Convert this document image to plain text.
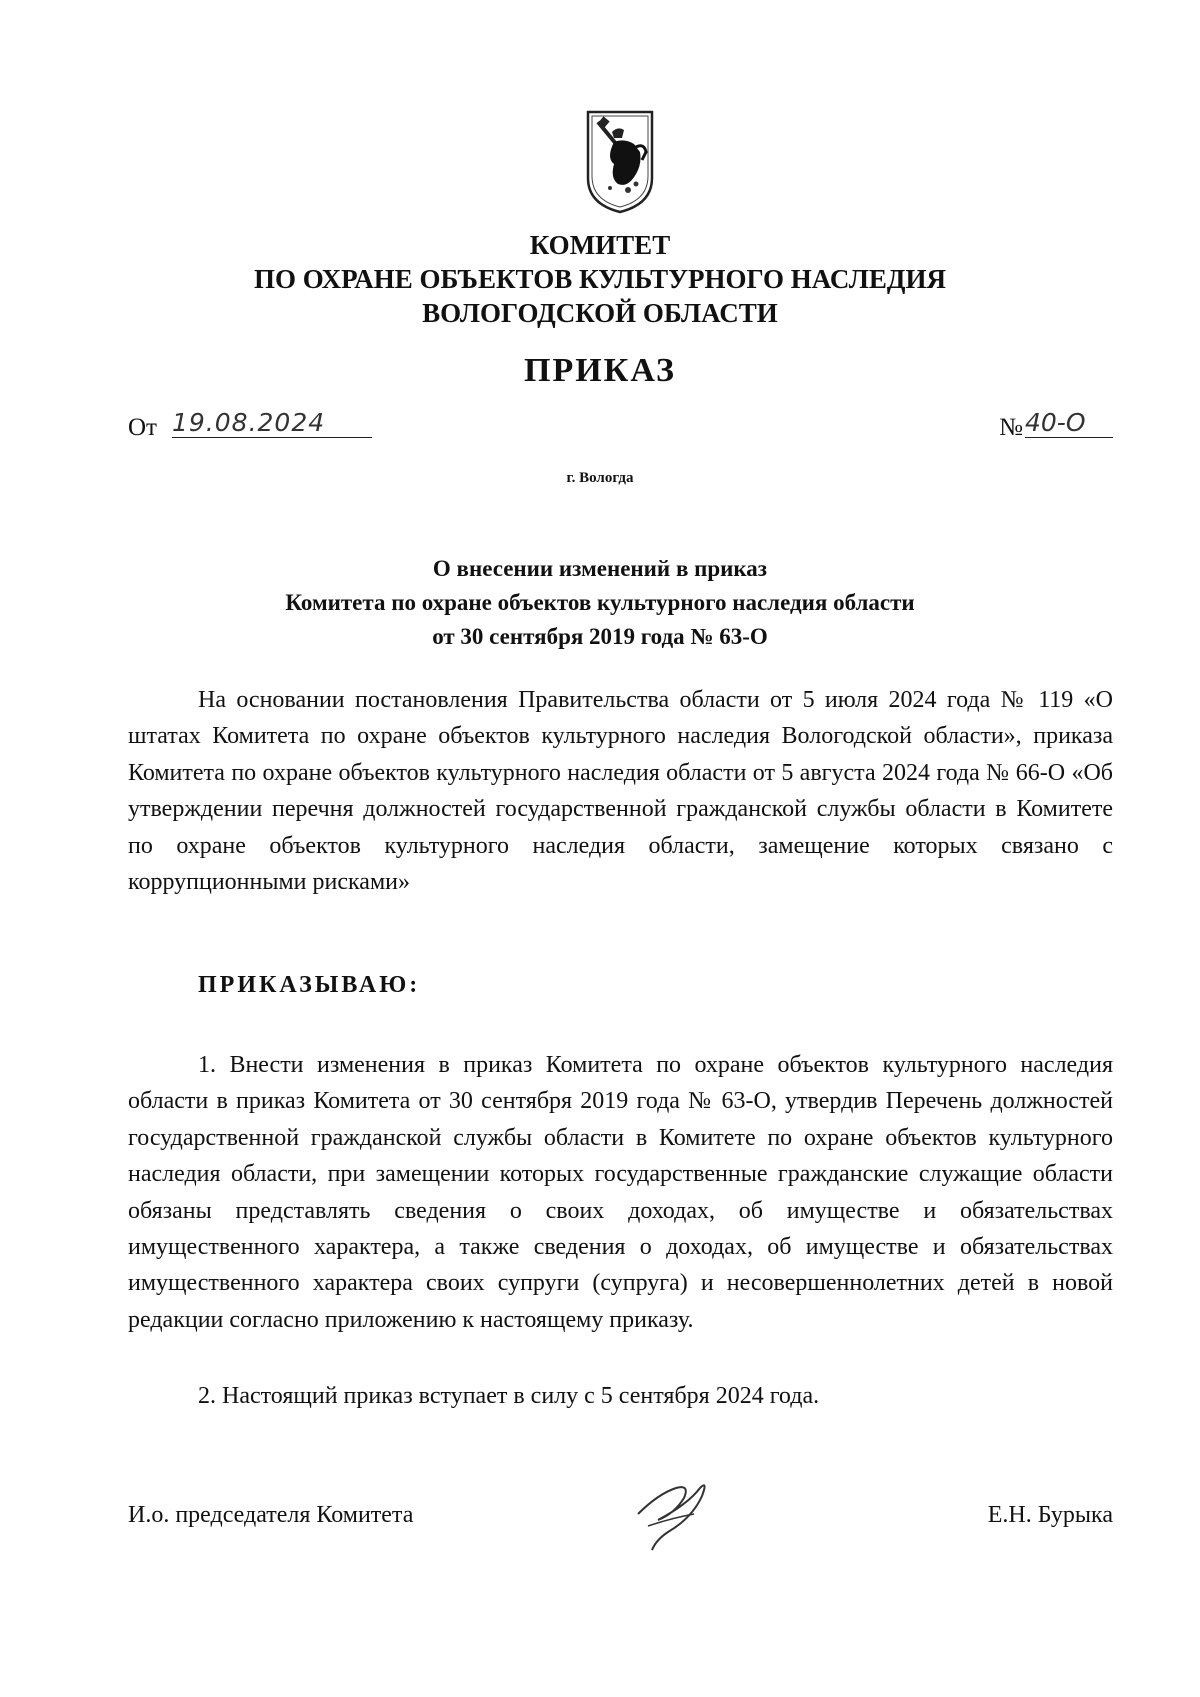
КОМИТЕТ
ПО ОХРАНЕ ОБЪЕКТОВ КУЛЬТУРНОГО НАСЛЕДИЯ
ВОЛОГОДСКОЙ ОБЛАСТИ
ПРИКАЗ
От 19.08.2024	№ 40-О
г. Вологда
О внесении изменений в приказ
Комитета по охране объектов культурного наследия области
от 30 сентября 2019 года № 63-О

На основании постановления Правительства области от 5 июля 2024 года № 119 «О штатах Комитета по охране объектов культурного наследия Вологодской области», приказа Комитета по охране объектов культурного наследия области от 5 августа 2024 года № 66-О «Об утверждении перечня должностей государственной гражданской службы области в Комитете по охране объектов культурного наследия области, замещение которых связано с коррупционными рисками»

ПРИКАЗЫВАЮ:

1. Внести изменения в приказ Комитета по охране объектов культурного наследия области в приказ Комитета от 30 сентября 2019 года № 63-О, утвердив Перечень должностей государственной гражданской службы области в Комитете по охране объектов культурного наследия области, при замещении которых государственные гражданские служащие области обязаны представлять сведения о своих доходах, об имуществе и обязательствах имущественного характера, а также сведения о доходах, об имуществе и обязательствах имущественного характера своих супруги (супруга) и несовершеннолетних детей в новой редакции согласно приложению к настоящему приказу.

2. Настоящий приказ вступает в силу с 5 сентября 2024 года.

И.о. председателя Комитета	Е.Н. Бурыка
